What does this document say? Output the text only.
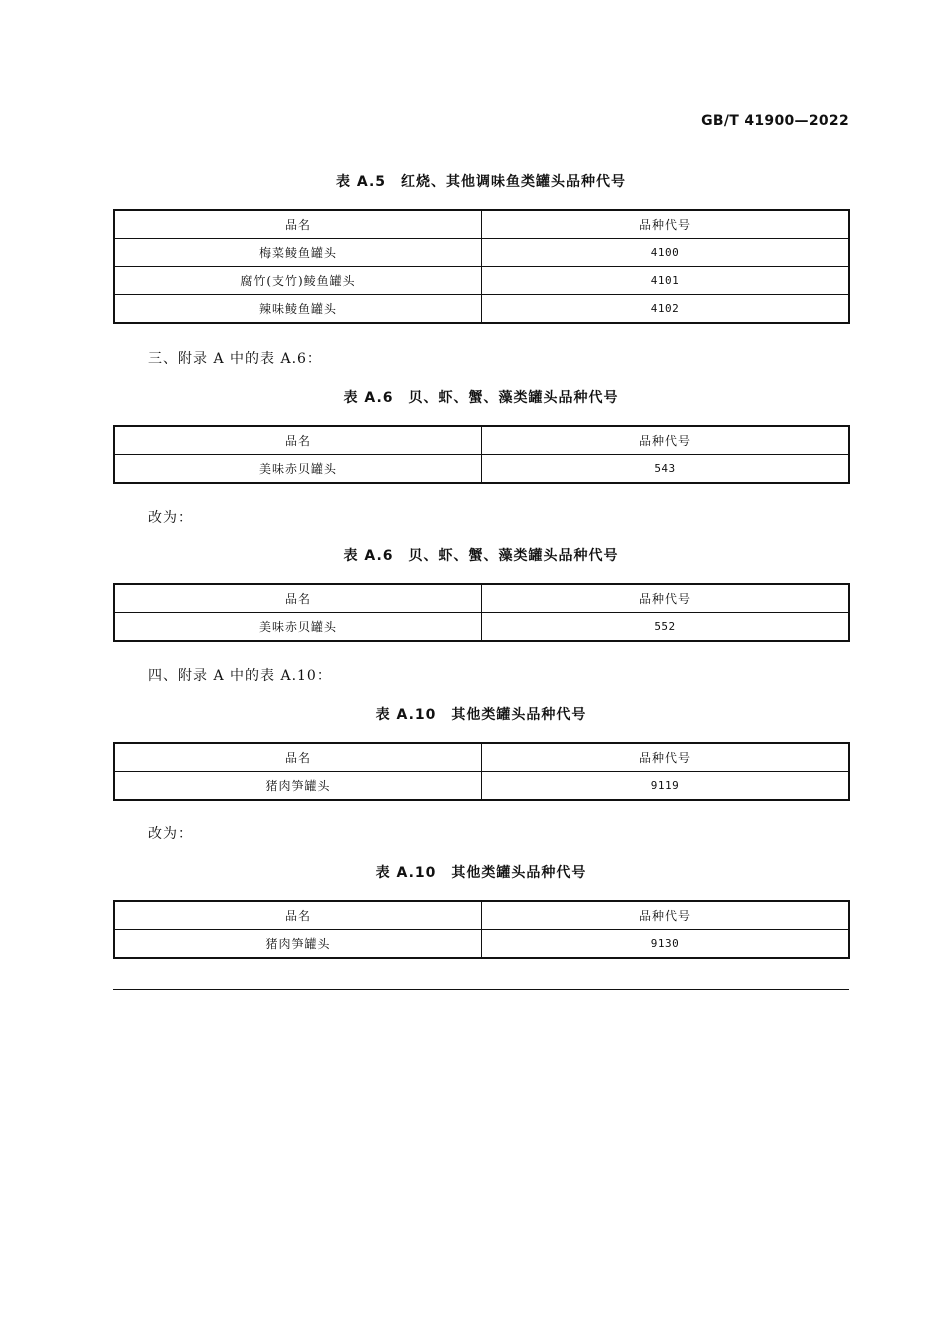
GB/T 41900—2022
表 A.5　红烧、其他调味鱼类罐头品种代号
品名	品种代号
梅菜鲮鱼罐头	4100
腐竹(支竹)鲮鱼罐头	4101
辣味鲮鱼罐头	4102
三、附录 A 中的表 A.6：
表 A.6　贝、虾、蟹、藻类罐头品种代号
品名	品种代号
美味赤贝罐头	543
改为：
表 A.6　贝、虾、蟹、藻类罐头品种代号
品名	品种代号
美味赤贝罐头	552
四、附录 A 中的表 A.10：
表 A.10　其他类罐头品种代号
品名	品种代号
猪肉笋罐头	9119
改为：
表 A.10　其他类罐头品种代号
品名	品种代号
猪肉笋罐头	9130
